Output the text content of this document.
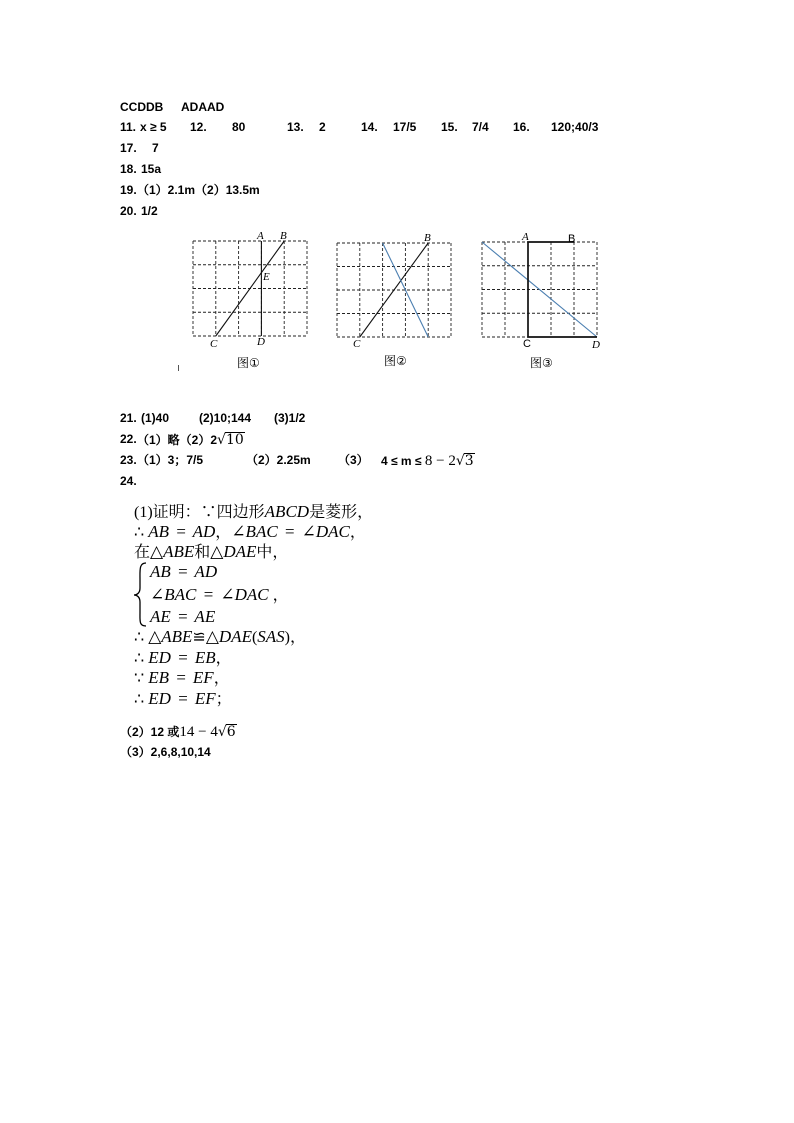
CCDDB ADAAD
11. x ≥ 5 12. 80	13. 2	14. 17/5 15. 7/4 16. 120;40/3
17. 7
18. 15a
19. （1）2.1m（2）13.5m
20. 1/2
A B
E
C	D
图①
B
C
图②
A	B
C	D
图③
21. (1)40 (2)10;144 (3)1/2
22. （1）略（2）2√10
23. （1）3；7/5	（2）2.25m （3） 4 ≤ m ≤ 8 − 2√3
24.
(1)证明：∵四边形ABCD是菱形，
∴ AB = AD，∠BAC = ∠DAC，
在△ABE和△DAE中，
AB = AD
∠BAC = ∠DAC ，
AE = AE
∴ △ABE≌△DAE(SAS)，
∴ ED = EB，
∵ EB = EF，
∴ ED = EF；
（2）12 或14 − 4√6
（3）2,6,8,10,14
